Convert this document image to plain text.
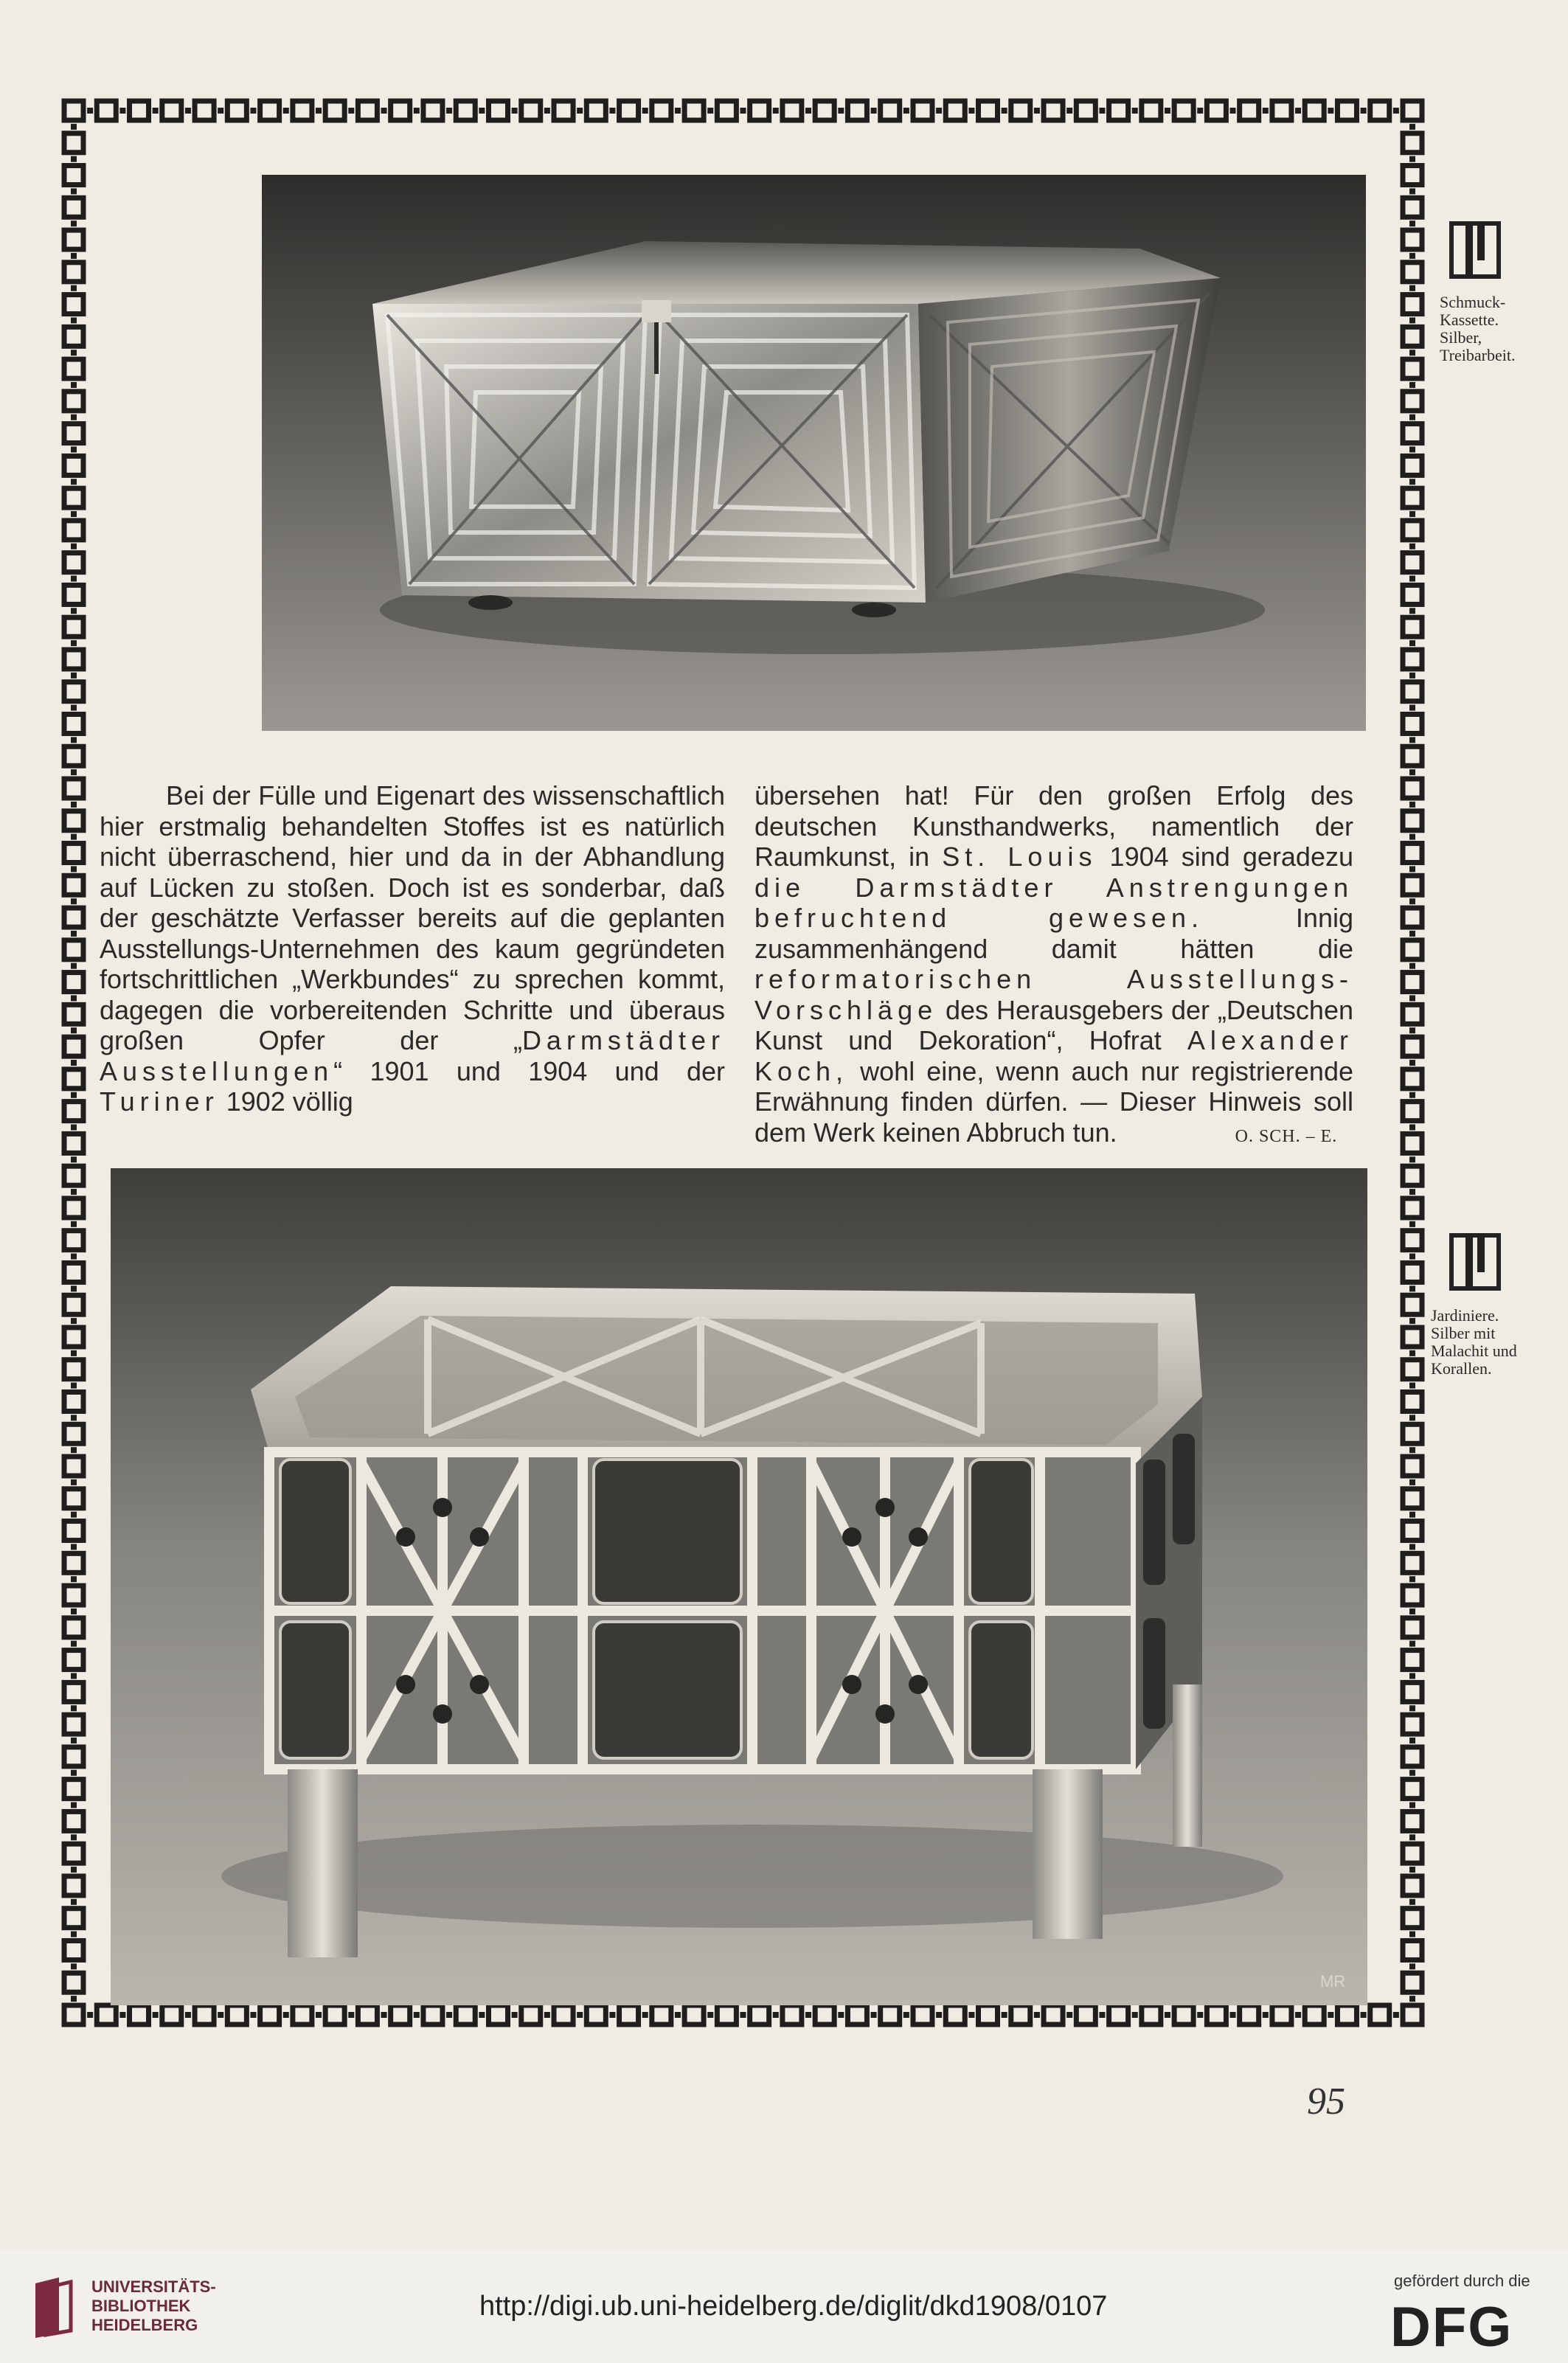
Bei der Fülle und Eigenart des wissenschaftlich hier erstmalig behandelten Stoffes ist es natürlich nicht überraschend, hier und da in der Abhandlung auf Lücken zu stoßen. Doch ist es sonderbar, daß der geschätzte Verfasser bereits auf die geplanten Ausstellungs-Unternehmen des kaum gegründeten fortschrittlichen „Werkbundes“ zu sprechen kommt, dagegen die vorbereitenden Schritte und überaus großen Opfer der „Darmstädter Ausstellungen“ 1901 und 1904 und der Turiner 1902 völlig

übersehen hat! Für den großen Erfolg des deutschen Kunsthandwerks, namentlich der Raumkunst, in St. Louis 1904 sind geradezu die Darmstädter Anstrengungen befruchtend gewesen. Innig zusammenhängend damit hätten die reformatorischen Ausstellungs-Vorschläge des Herausgebers der „Deutschen Kunst und Dekoration“, Hofrat Alexander Koch, wohl eine, wenn auch nur registrierende Erwähnung finden dürfen. — Dieser Hinweis soll dem Werk keinen Abbruch tun.	O. SCH. – E.

MR
Schmuck-
Kassette.
Silber,
Treibarbeit.
Jardiniere.
Silber mit
Malachit und
Korallen.
95
UNIVERSITÄTS-
BIBLIOTHEK
HEIDELBERG
http://digi.ub.uni-heidelberg.de/diglit/dkd1908/0107
gefördert durch die
DFG
